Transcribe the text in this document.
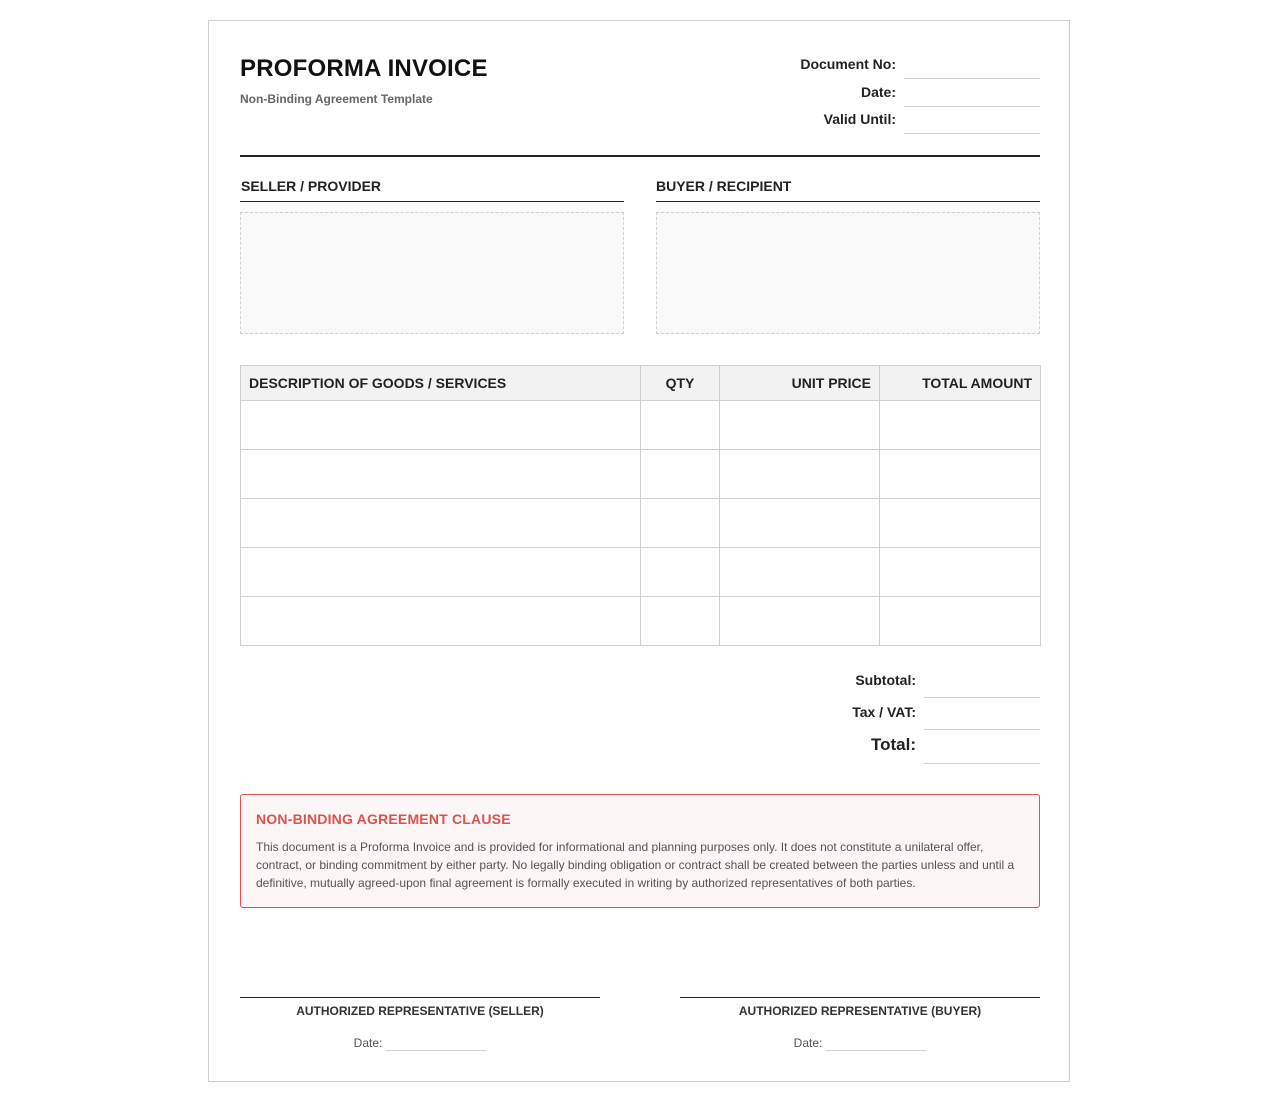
PROFORMA INVOICE
Non-Binding Agreement Template
Document No:
Date:
Valid Until:
SELLER / PROVIDER	BUYER / RECIPIENT
DESCRIPTION OF GOODS / SERVICES	QTY	UNIT PRICE	TOTAL AMOUNT

Subtotal:
Tax / VAT:
Total:
NON-BINDING AGREEMENT CLAUSE
This document is a Proforma Invoice and is provided for informational and planning purposes only. It does not constitute a unilateral offer, contract, or binding commitment by either party. No legally binding obligation or contract shall be created between the parties unless and until a definitive, mutually agreed-upon final agreement is formally executed in writing by authorized representatives of both parties.
AUTHORIZED REPRESENTATIVE (SELLER)
Date:
AUTHORIZED REPRESENTATIVE (BUYER)
Date:
